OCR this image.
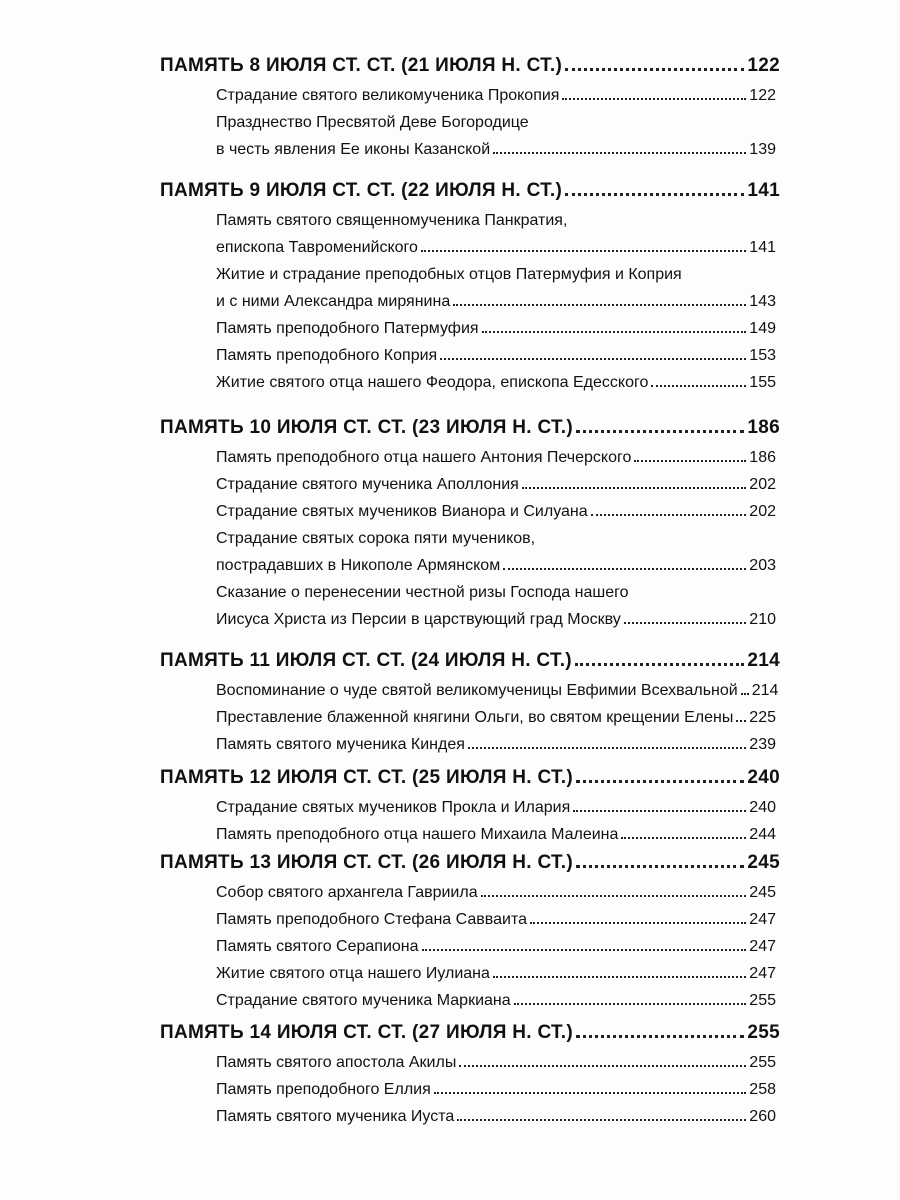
ПАМЯТЬ 8 ИЮЛЯ СТ. СТ. (21 ИЮЛЯ Н. СТ.)	122
Страдание святого великомученика Прокопия	122
Празднество Пресвятой Деве Богородице
в честь явления Ее иконы Казанской	139
ПАМЯТЬ 9 ИЮЛЯ СТ. СТ. (22 ИЮЛЯ Н. СТ.)	141
Память святого священномученика Панкратия,
епископа Тавроменийского	141
Житие и страдание преподобных отцов Патермуфия и Коприя
и с ними Александра мирянина	143
Память преподобного Патермуфия	149
Память преподобного Коприя	153
Житие святого отца нашего Феодора, епископа Едесского	155
ПАМЯТЬ 10 ИЮЛЯ СТ. СТ. (23 ИЮЛЯ Н. СТ.)	186
Память преподобного отца нашего Антония Печерского	186
Страдание святого мученика Аполлония	202
Страдание святых мучеников Вианора и Силуана	202
Страдание святых сорока пяти мучеников,
пострадавших в Никополе Армянском	203
Сказание о перенесении честной ризы Господа нашего
Иисуса Христа из Персии в царствующий град Москву	210
ПАМЯТЬ 11 ИЮЛЯ СТ. СТ. (24 ИЮЛЯ Н. СТ.)	214
Воспоминание о чуде святой великомученицы Евфимии Всехвальной 214
Преставление блаженной княгини Ольги, во святом крещении Елены 225
Память святого мученика Киндея	239
ПАМЯТЬ 12 ИЮЛЯ СТ. СТ. (25 ИЮЛЯ Н. СТ.)	240
Страдание святых мучеников Прокла и Илария	240
Память преподобного отца нашего Михаила Малеина	244
ПАМЯТЬ 13 ИЮЛЯ СТ. СТ. (26 ИЮЛЯ Н. СТ.)	245
Собор святого архангела Гавриила	245
Память преподобного Стефана Савваита	247
Память святого Серапиона	247
Житие святого отца нашего Иулиана	247
Страдание святого мученика Маркиана	255
ПАМЯТЬ 14 ИЮЛЯ СТ. СТ. (27 ИЮЛЯ Н. СТ.)	255
Память святого апостола Акилы	255
Память преподобного Еллия	258
Память святого мученика Иуста	260
